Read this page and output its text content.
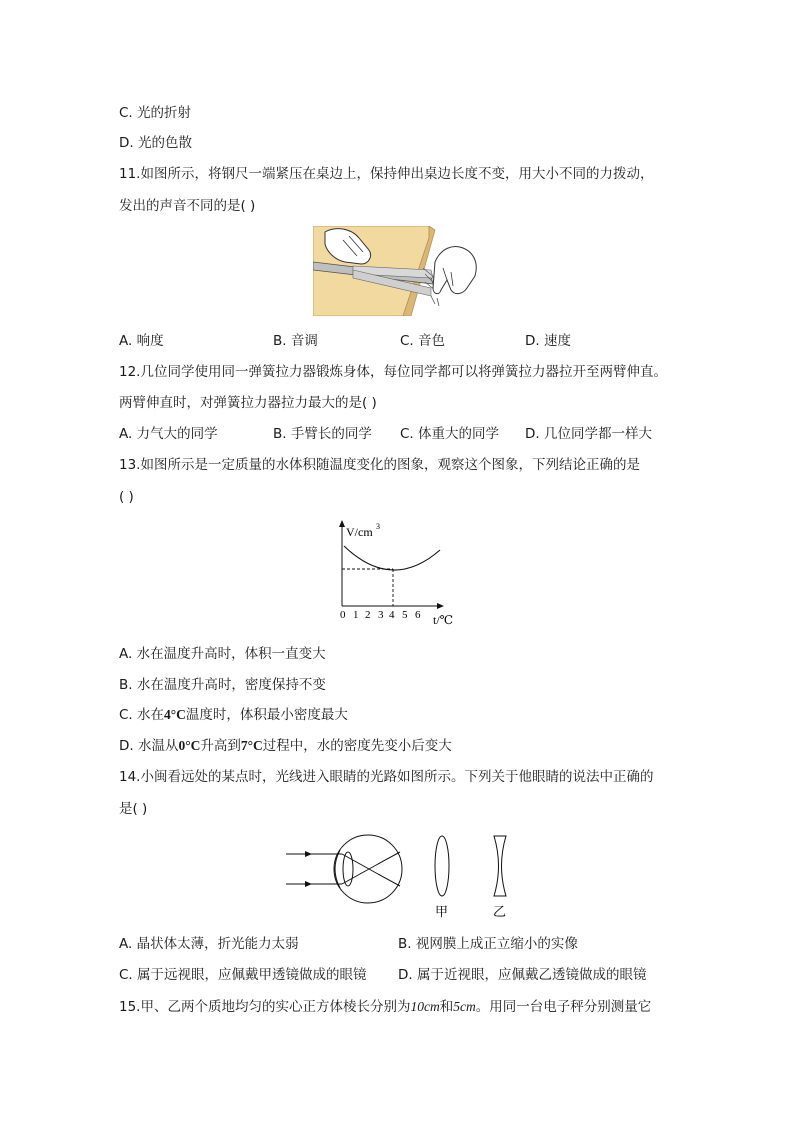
C. 光的折射
D. 光的色散
11.如图所示，将钢尺一端紧压在桌边上，保持伸出桌边长度不变，用大小不同的力拨动，
发出的声音不同的是( )
A. 响度	B. 音调	C. 音色	D. 速度
12.几位同学使用同一弹簧拉力器锻炼身体，每位同学都可以将弹簧拉力器拉开至两臂伸直。
两臂伸直时，对弹簧拉力器拉力最大的是( )
A. 力气大的同学	B. 手臂长的同学 C. 体重大的同学 D. 几位同学都一样大
13.如图所示是一定质量的水体积随温度变化的图象，观察这个图象，下列结论正确的是
( )
V/cm 3
0 1 2 3 4 5 6 t/℃
A. 水在温度升高时，体积一直变大
B. 水在温度升高时，密度保持不变
C. 水在4°C温度时，体积最小密度最大
D. 水温从0°C升高到7°C过程中，水的密度先变小后变大
14.小闽看远处的某点时，光线进入眼睛的光路如图所示。下列关于他眼睛的说法中正确的
是( )
甲	乙
A. 晶状体太薄，折光能力太弱	B. 视网膜上成正立缩小的实像
C. 属于远视眼，应佩戴甲透镜做成的眼镜 D. 属于近视眼，应佩戴乙透镜做成的眼镜
15.甲、乙两个质地均匀的实心正方体棱长分别为10cm和5cm。用同一台电子秤分别测量它
